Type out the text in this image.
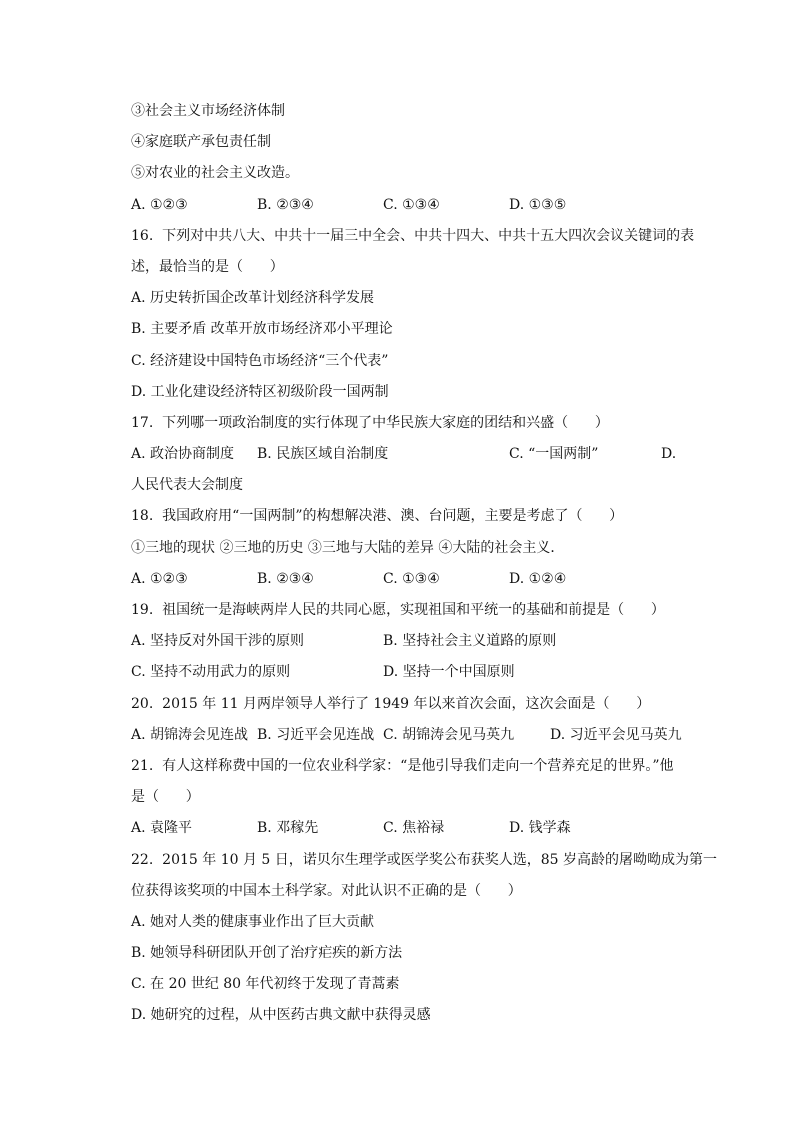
③社会主义市场经济体制
④家庭联产承包责任制
⑤对农业的社会主义改造。
A. ①②③	B. ②③④	C. ①③④	D. ①③⑤
16.  下列对中共八大、中共十一届三中全会、中共十四大、中共十五大四次会议关键词的表
述，最恰当的是（      ）
A. 历史转折国企改革计划经济科学发展
B. 主要矛盾 改革开放市场经济邓小平理论
C. 经济建设中国特色市场经济“三个代表”
D. 工业化建设经济特区初级阶段一国两制
17.  下列哪一项政治制度的实行体现了中华民族大家庭的团结和兴盛（      ）
A. 政治协商制度 B. 民族区域自治制度	C. “一国两制”	D.
人民代表大会制度
18.  我国政府用“一国两制”的构想解决港、澳、台问题，主要是考虑了（      ）
①三地的现状 ②三地的历史 ③三地与大陆的差异 ④大陆的社会主义．
A. ①②③	B. ②③④	C. ①③④	D. ①②④
19.  祖国统一是海峡两岸人民的共同心愿，实现祖国和平统一的基础和前提是（      ）
A. 坚持反对外国干涉的原则	B. 坚持社会主义道路的原则
C. 坚持不动用武力的原则	D. 坚持一个中国原则
20.  2015 年 11 月两岸领导人举行了 1949 年以来首次会面，这次会面是（      ）
A. 胡锦涛会见连战 B. 习近平会见连战 C. 胡锦涛会见马英九	D. 习近平会见马英九
21.  有人这样称费中国的一位农业科学家：“是他引导我们走向一个营养充足的世界。”他
是（      ）
A. 袁隆平	B. 邓稼先	C. 焦裕禄	D. 钱学森
22.  2015 年 10 月 5 日，诺贝尔生理学或医学奖公布获奖人选，85 岁高龄的屠呦呦成为第一
位获得该奖项的中国本土科学家。对此认识不正确的是（      ）
A. 她对人类的健康事业作出了巨大贡献
B. 她领导科研团队开创了治疗疟疾的新方法
C. 在 20 世纪 80 年代初终于发现了青蒿素
D. 她研究的过程，从中医药古典文献中获得灵感
